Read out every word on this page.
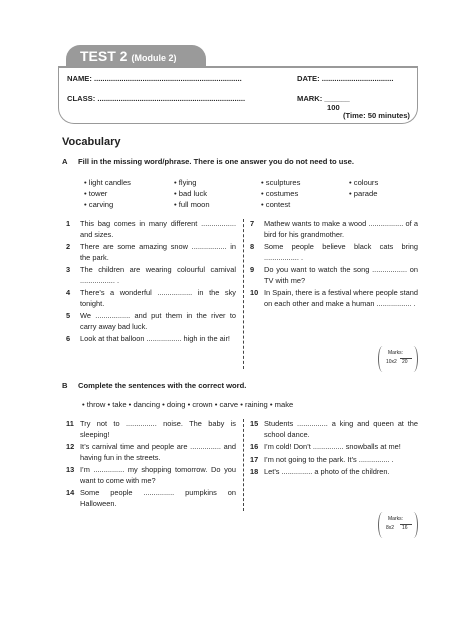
TEST 2 (Module 2)
NAME: ......................................................................	DATE: ..................................
CLASS: ......................................................................	MARK: ______
100
(Time: 50 minutes)
Vocabulary
A Fill in the missing word/phrase. There is one answer you do not need to use.
• light candles
• tower
• carving
• flying
• bad luck
• full moon
• sculptures
• costumes
• contest
• colours
• parade
1	This bag comes in many different ................. and sizes.
2	There are some amazing snow ................. in the park.
3	The children are wearing colourful carnival ................. .
4	There’s a wonderful ................. in the sky tonight.
5	We ................. and put them in the river to carry away bad luck.
6	Look at that balloon ................. high in the air!
7	Mathew wants to make a wood ................. of a bird for his grandmother.
8	Some people believe black cats bring ................. .
9	Do you want to watch the song ................. on TV with me?
10 In Spain, there is a festival where people stand on each other and make a human ................. .
Marks:
10x2 20
B Complete the sentences with the correct word.
• throw • take • dancing • doing • crown • carve • raining • make
11 Try not to ............... noise. The baby is sleeping!
12 It’s carnival time and people are ............... and having fun in the streets.
13 I’m ............... my shopping tomorrow. Do you want to come with me?
14 Some people ............... pumpkins on Halloween.
15 Students ............... a king and queen at the school dance.
16 I’m cold! Don’t ............... snowballs at me!
17 I’m not going to the park. It’s ............... .
18 Let’s ............... a photo of the children.
Marks:
8x2 16
